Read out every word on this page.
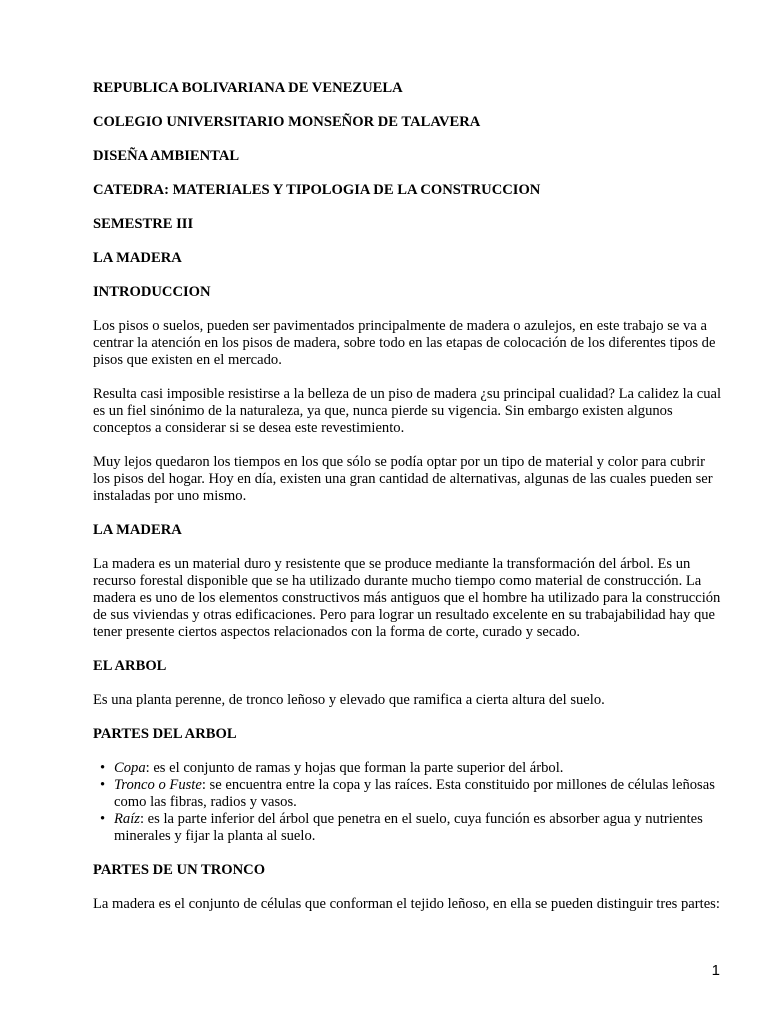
REPUBLICA BOLIVARIANA DE VENEZUELA
COLEGIO UNIVERSITARIO MONSEÑOR DE TALAVERA
DISEÑA AMBIENTAL
CATEDRA: MATERIALES Y TIPOLOGIA DE LA CONSTRUCCION
SEMESTRE III
LA MADERA
INTRODUCCION

Los pisos o suelos, pueden ser pavimentados principalmente de madera o azulejos, en este trabajo se va a centrar la atención en los pisos de madera, sobre todo en las etapas de colocación de los diferentes tipos de pisos que existen en el mercado.

Resulta casi imposible resistirse a la belleza de un piso de madera ¿su principal cualidad? La calidez la cual es un fiel sinónimo de la naturaleza, ya que, nunca pierde su vigencia. Sin embargo existen algunos conceptos a considerar si se desea este revestimiento.

Muy lejos quedaron los tiempos en los que sólo se podía optar por un tipo de material y color para cubrir los pisos del hogar. Hoy en día, existen una gran cantidad de alternativas, algunas de las cuales pueden ser instaladas por uno mismo.

LA MADERA

La madera es un material duro y resistente que se produce mediante la transformación del árbol. Es un recurso forestal disponible que se ha utilizado durante mucho tiempo como material de construcción. La madera es uno de los elementos constructivos más antiguos que el hombre ha utilizado para la construcción de sus viviendas y otras edificaciones. Pero para lograr un resultado excelente en su trabajabilidad hay que tener presente ciertos aspectos relacionados con la forma de corte, curado y secado.

EL ARBOL

Es una planta perenne, de tronco leñoso y elevado que ramifica a cierta altura del suelo.

PARTES DEL ARBOL
• Copa: es el conjunto de ramas y hojas que forman la parte superior del árbol.
• Tronco o Fuste: se encuentra entre la copa y las raíces. Esta constituido por millones de células leñosas como las fibras, radios y vasos.
• Raíz: es la parte inferior del árbol que penetra en el suelo, cuya función es absorber agua y nutrientes minerales y fijar la planta al suelo.
PARTES DE UN TRONCO

La madera es el conjunto de células que conforman el tejido leñoso, en ella se pueden distinguir tres partes:

1
